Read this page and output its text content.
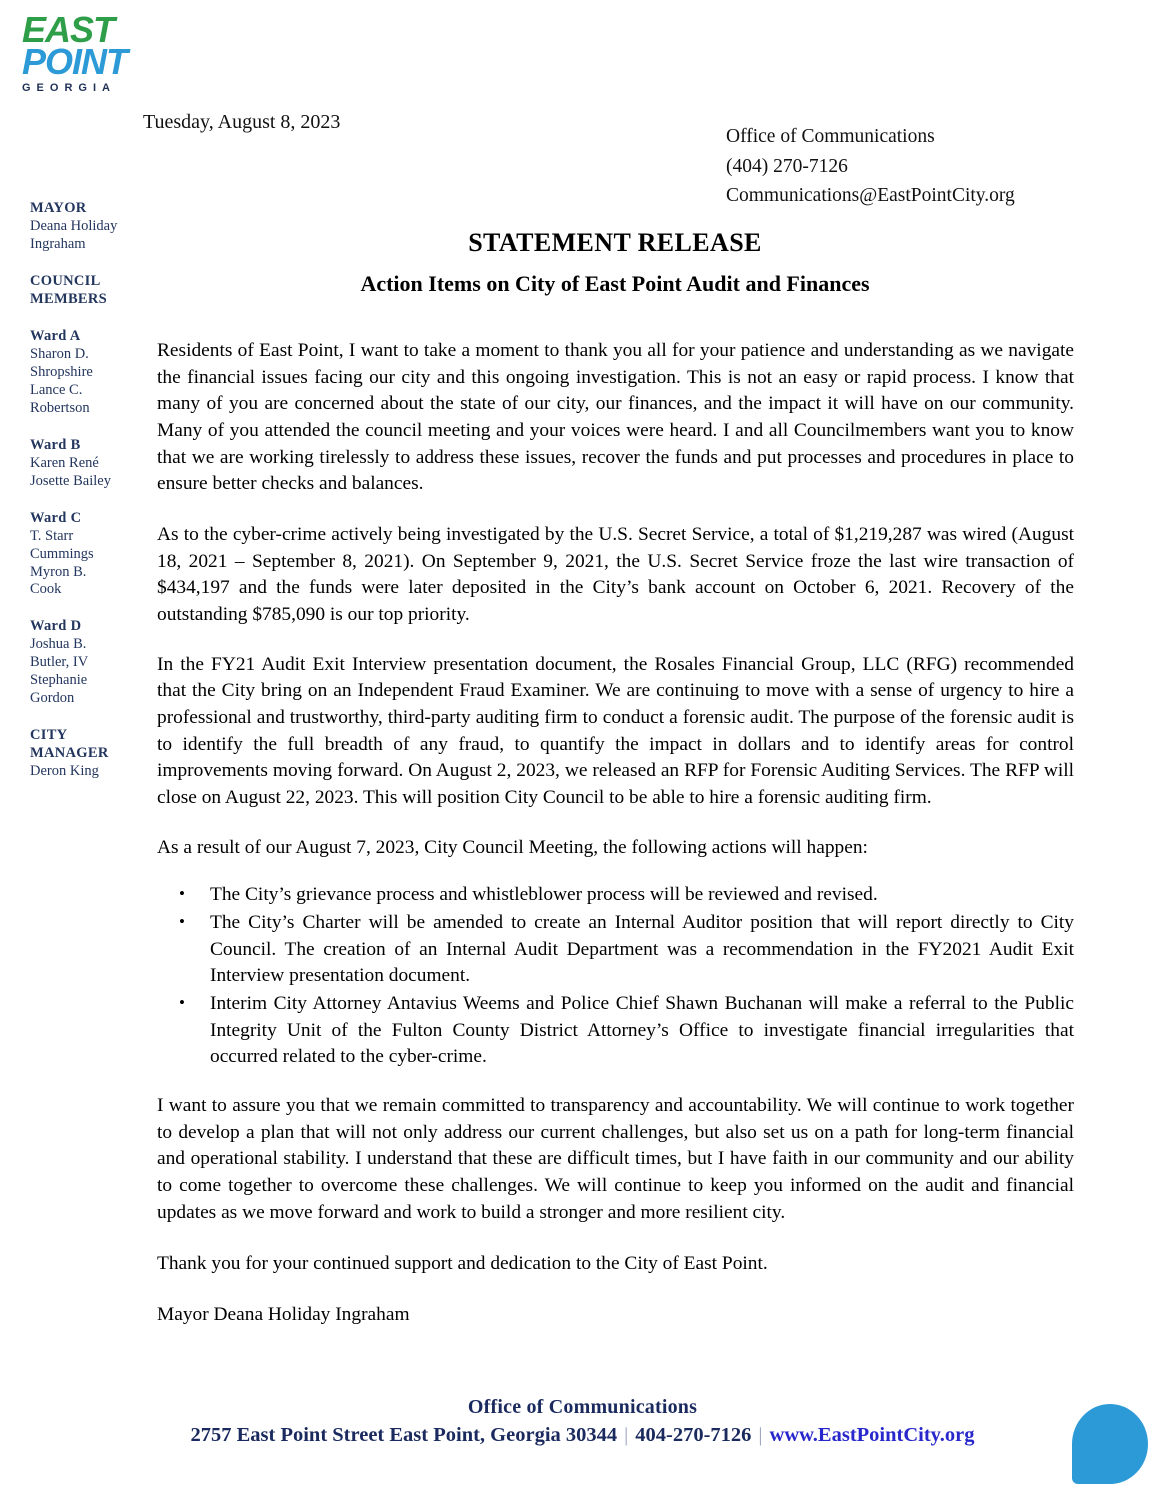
EAST
POINT
GEORGIA
Tuesday, August 8, 2023
Office of Communications
(404) 270-7126
Communications@EastPointCity.org
MAYOR
Deana Holiday
Ingraham
COUNCIL
MEMBERS
Ward A
Sharon D.
Shropshire
Lance C.
Robertson
Ward B
Karen René
Josette Bailey
Ward C
T. Starr
Cummings
Myron B.
Cook
Ward D
Joshua B.
Butler, IV
Stephanie
Gordon
CITY
MANAGER
Deron King
STATEMENT RELEASE
Action Items on City of East Point Audit and Finances

Residents of East Point, I want to take a moment to thank you all for your patience and understanding as we navigate the financial issues facing our city and this ongoing investigation. This is not an easy or rapid process. I know that many of you are concerned about the state of our city, our finances, and the impact it will have on our community. Many of you attended the council meeting and your voices were heard. I and all Councilmembers want you to know that we are working tirelessly to address these issues, recover the funds and put processes and procedures in place to ensure better checks and balances.

As to the cyber-crime actively being investigated by the U.S. Secret Service, a total of $1,219,287 was wired (August 18, 2021 – September 8, 2021). On September 9, 2021, the U.S. Secret Service froze the last wire transaction of $434,197 and the funds were later deposited in the City’s bank account on October 6, 2021. Recovery of the outstanding $785,090 is our top priority.

In the FY21 Audit Exit Interview presentation document, the Rosales Financial Group, LLC (RFG) recommended that the City bring on an Independent Fraud Examiner. We are continuing to move with a sense of urgency to hire a professional and trustworthy, third-party auditing firm to conduct a forensic audit. The purpose of the forensic audit is to identify the full breadth of any fraud, to quantify the impact in dollars and to identify areas for control improvements moving forward. On August 2, 2023, we released an RFP for Forensic Auditing Services. The RFP will close on August 22, 2023. This will position City Council to be able to hire a forensic auditing firm.

As a result of our August 7, 2023, City Council Meeting, the following actions will happen:

• The City’s grievance process and whistleblower process will be reviewed and revised.
• The City’s Charter will be amended to create an Internal Auditor position that will report directly to City Council. The creation of an Internal Audit Department was a recommendation in the FY2021 Audit Exit Interview presentation document.
• Interim City Attorney Antavius Weems and Police Chief Shawn Buchanan will make a referral to the Public Integrity Unit of the Fulton County District Attorney’s Office to investigate financial irregularities that occurred related to the cyber-crime.

I want to assure you that we remain committed to transparency and accountability. We will continue to work together to develop a plan that will not only address our current challenges, but also set us on a path for long-term financial and operational stability. I understand that these are difficult times, but I have faith in our community and our ability to come together to overcome these challenges. We will continue to keep you informed on the audit and financial updates as we move forward and work to build a stronger and more resilient city.

Thank you for your continued support and dedication to the City of East Point.

Mayor Deana Holiday Ingraham

Office of Communications
2757 East Point Street East Point, Georgia 30344 | 404-270-7126 | www.EastPointCity.org
